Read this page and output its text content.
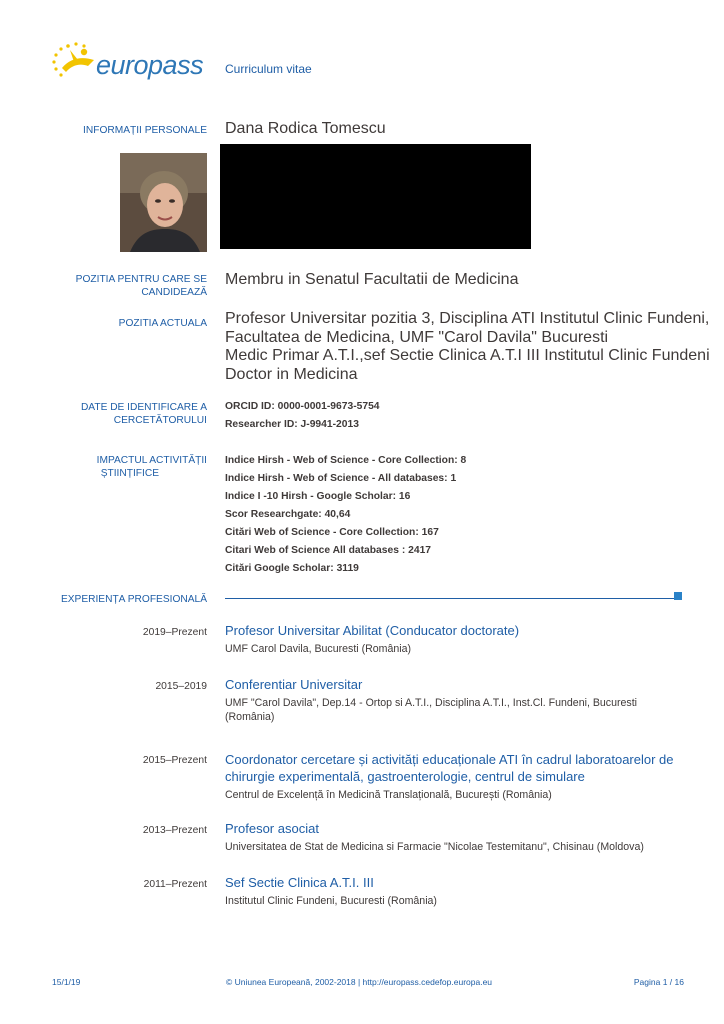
europass Curriculum vitae
INFORMAȚII PERSONALE Dana Rodica Tomescu
POZITIA PENTRU CARE SE
CANDIDEAZĂ
Membru in Senatul Facultatii de Medicina
POZITIA ACTUALA Profesor Universitar pozitia 3, Disciplina ATI Institutul Clinic Fundeni,
Facultatea de Medicina, UMF "Carol Davila" Bucuresti
Medic Primar A.T.I.,sef Sectie Clinica A.T.I III Institutul Clinic Fundeni
Doctor in Medicina
DATE DE IDENTIFICARE A
CERCETĂTORULUI
ORCID ID: 0000-0001-9673-5754
Researcher ID: J-9941-2013
IMPACTUL ACTIVITĂȚII
ȘTIINȚIFICE
Indice Hirsh - Web of Science - Core Collection: 8
Indice Hirsh - Web of Science - All databases: 1
Indice I -10 Hirsh - Google Scholar: 16
Scor Researchgate: 40,64
Citări Web of Science - Core Collection: 167
Citari Web of Science All databases : 2417
Citări Google Scholar: 3119
EXPERIENȚA PROFESIONALĂ
2019–Prezent Profesor Universitar Abilitat (Conducator doctorate)
UMF Carol Davila, Bucuresti (România)
2015–2019 Conferentiar Universitar
UMF "Carol Davila", Dep.14 - Ortop si A.T.I., Disciplina A.T.I., Inst.Cl. Fundeni, Bucuresti
(România)
2015–Prezent Coordonator cercetare și activități educaționale ATI în cadrul laboratoarelor de
chirurgie experimentală, gastroenterologie, centrul de simulare
Centrul de Excelență în Medicină Translațională, București (România)
2013–Prezent Profesor asociat
Universitatea de Stat de Medicina si Farmacie "Nicolae Testemitanu", Chisinau (Moldova)
2011–Prezent Sef Sectie Clinica A.T.I. III
Institutul Clinic Fundeni, Bucuresti (România)
15/1/19	© Uniunea Europeană, 2002-2018 | http://europass.cedefop.europa.eu	Pagina 1 / 16
